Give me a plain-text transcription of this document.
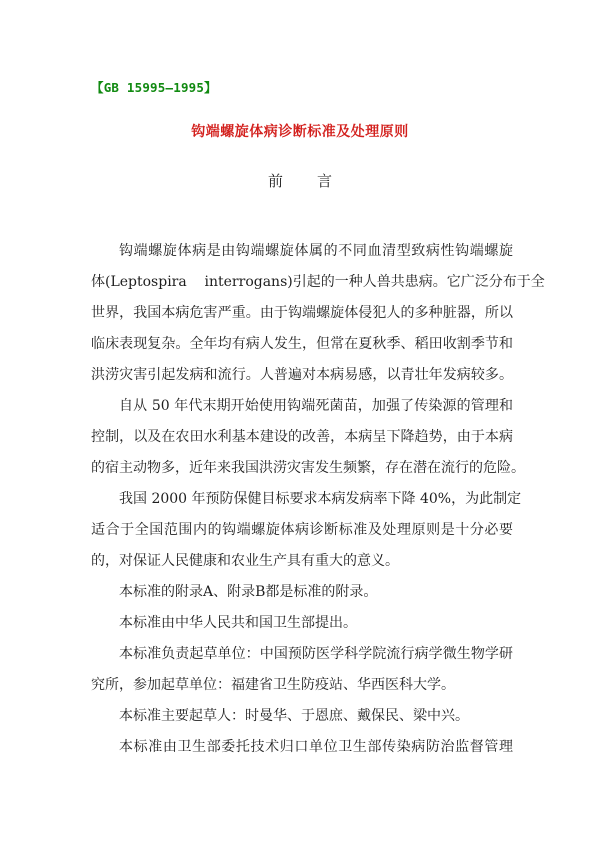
【GB 15995—1995】
钩端螺旋体病诊断标准及处理原则
前 言
钩端螺旋体病是由钩端螺旋体属的不同血清型致病性钩端螺旋
体(Leptospira    interrogans)引起的一种人兽共患病。它广泛分布于全
世界，我国本病危害严重。由于钩端螺旋体侵犯人的多种脏器，所以
临床表现复杂。全年均有病人发生，但常在夏秋季、稻田收割季节和
洪涝灾害引起发病和流行。人普遍对本病易感，以青壮年发病较多。
自从 50 年代末期开始使用钩端死菌苗，加强了传染源的管理和
控制，以及在农田水利基本建设的改善，本病呈下降趋势，由于本病
的宿主动物多，近年来我国洪涝灾害发生频繁，存在潜在流行的危险。
我国 2000 年预防保健目标要求本病发病率下降 40%，为此制定
适合于全国范围内的钩端螺旋体病诊断标准及处理原则是十分必要
的，对保证人民健康和农业生产具有重大的意义。
本标准的附录A、附录B都是标准的附录。
本标准由中华人民共和国卫生部提出。
本标准负责起草单位：中国预防医学科学院流行病学微生物学研
究所，参加起草单位：福建省卫生防疫站、华西医科大学。
本标准主要起草人：时曼华、于恩庶、戴保民、梁中兴。
本标准由卫生部委托技术归口单位卫生部传染病防治监督管理
